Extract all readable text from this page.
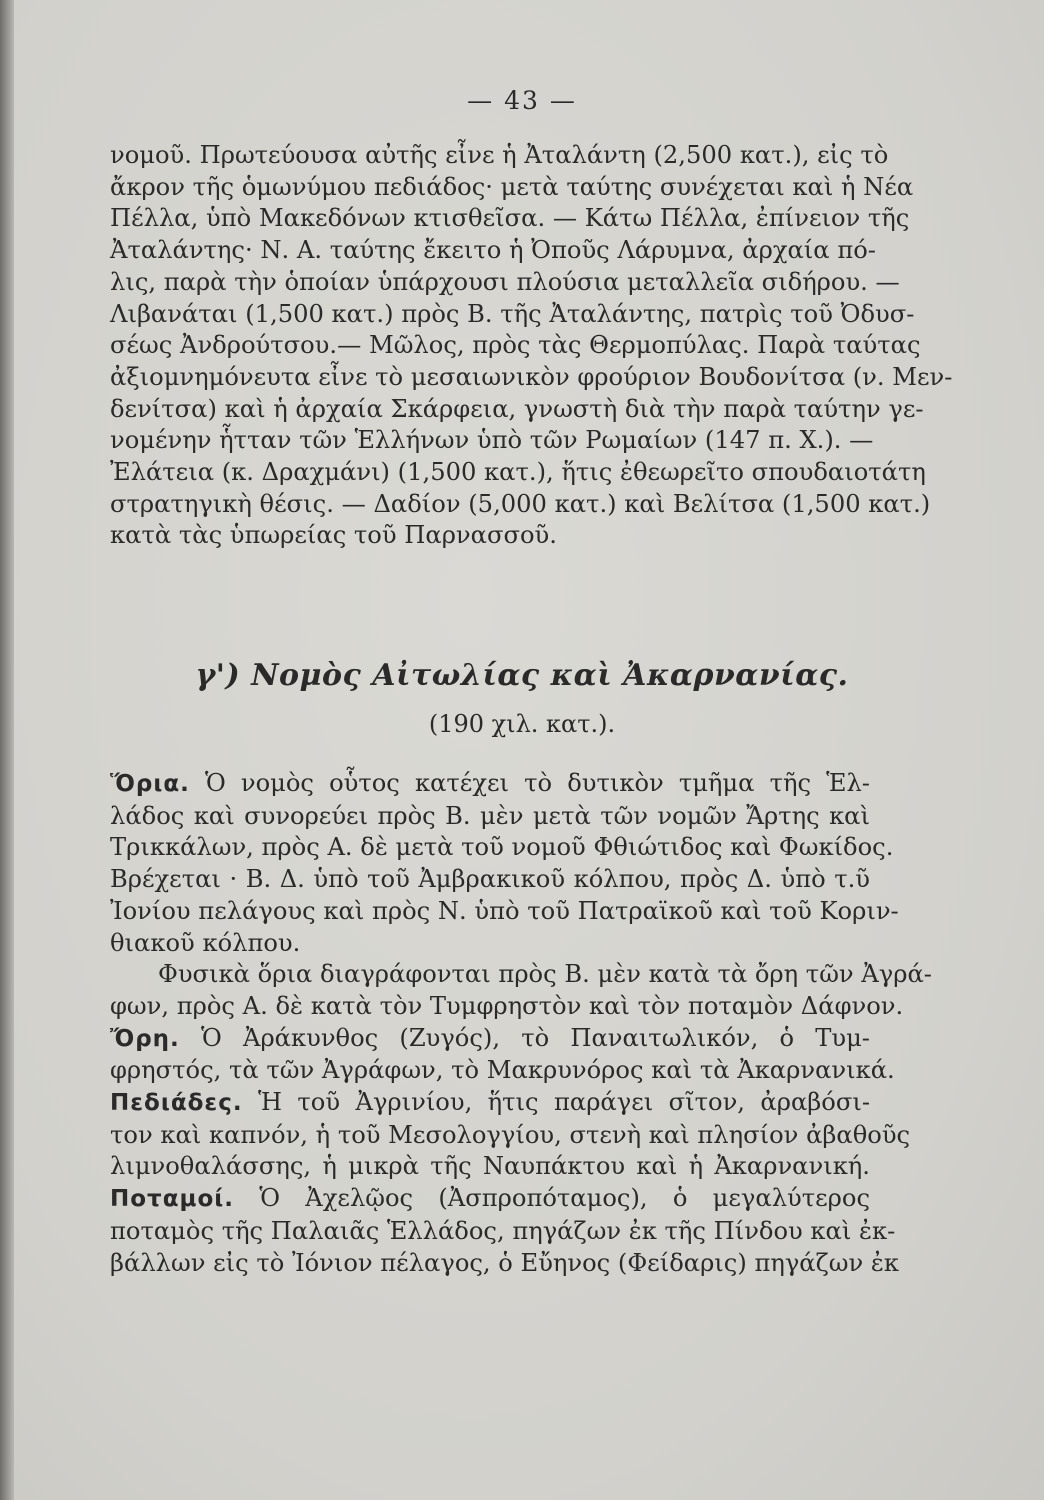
— 43 —
νομοῦ. Πρωτεύουσα αὐτῆς εἶνε ἡ Ἀταλάντη (2,500 κατ.), εἰς τὸ
ἄκρον τῆς ὁμωνύμου πεδιάδος· μετὰ ταύτης συνέχεται καὶ ἡ Νέα
Πέλλα, ὑπὸ Μακεδόνων κτισθεῖσα. — Κάτω Πέλλα, ἐπίνειον τῆς
Ἀταλάντης· Ν. Α. ταύτης ἔκειτο ἡ Ὀποῦς Λάρυμνα, ἀρχαία πό-
λις, παρὰ τὴν ὁποίαν ὑπάρχουσι πλούσια μεταλλεῖα σιδήρου. —
Λιβανάται (1,500 κατ.) πρὸς Β. τῆς Ἀταλάντης, πατρὶς τοῦ Ὀδυσ-
σέως Ἀνδρούτσου.— Μῶλος, πρὸς τὰς Θερμοπύλας. Παρὰ ταύτας
ἀξιομνημόνευτα εἶνε τὸ μεσαιωνικὸν φρούριον Βουδονίτσα (ν. Μεν-
δενίτσα) καὶ ἡ ἀρχαία Σκάρφεια, γνωστὴ διὰ τὴν παρὰ ταύτην γε-
νομένην ἧτταν τῶν Ἑλλήνων ὑπὸ τῶν Ρωμαίων (147 π. Χ.). —
Ἐλάτεια (κ. Δραχμάνι) (1,500 κατ.), ἥτις ἐθεωρεῖτο σπουδαιοτάτη
στρατηγικὴ θέσις. — Δαδίον (5,000 κατ.) καὶ Βελίτσα (1,500 κατ.)
κατὰ τὰς ὑπωρείας τοῦ Παρνασσοῦ.
γ') Νομὸς Αἰτωλίας καὶ Ἀκαρνανίας.
(190 χιλ. κατ.).
Ὅρια. Ὁ νομὸς οὗτος κατέχει τὸ δυτικὸν τμῆμα τῆς Ἑλ-
λάδος καὶ συνορεύει πρὸς Β. μὲν μετὰ τῶν νομῶν Ἄρτης καὶ
Τρικκάλων, πρὸς Α. δὲ μετὰ τοῦ νομοῦ Φθιώτιδος καὶ Φωκίδος.
Βρέχεται · Β. Δ. ὑπὸ τοῦ Ἀμβρακικοῦ κόλπου, πρὸς Δ. ὑπὸ τ.ῦ
Ἰονίου πελάγους καὶ πρὸς Ν. ὑπὸ τοῦ Πατραϊκοῦ καὶ τοῦ Κοριν-
θιακοῦ κόλπου.
Φυσικὰ ὅρια διαγράφονται πρὸς Β. μὲν κατὰ τὰ ὄρη τῶν Ἀγρά-
φων, πρὸς Α. δὲ κατὰ τὸν Τυμφρηστὸν καὶ τὸν ποταμὸν Δάφνον.
Ὄρη. Ὁ Ἀράκυνθος (Ζυγός), τὸ Παναιτωλικόν, ὁ Τυμ-
φρηστός, τὰ τῶν Ἀγράφων, τὸ Μακρυνόρος καὶ τὰ Ἀκαρνανικά.
Πεδιάδες. Ἡ τοῦ Ἀγρινίου, ἥτις παράγει σῖτον, ἀραβόσι-
τον καὶ καπνόν, ἡ τοῦ Μεσολογγίου, στενὴ καὶ πλησίον ἀβαθοῦς
λιμνοθαλάσσης, ἡ μικρὰ τῆς Ναυπάκτου καὶ ἡ Ἀκαρνανική.
Ποταμοί. Ὁ Ἀχελῷος (Ἀσπροπόταμος), ὁ μεγαλύτερος
ποταμὸς τῆς Παλαιᾶς Ἑλλάδος, πηγάζων ἐκ τῆς Πίνδου καὶ ἐκ-
βάλλων εἰς τὸ Ἰόνιον πέλαγος, ὁ Εὔηνος (Φείδαρις) πηγάζων ἐκ
